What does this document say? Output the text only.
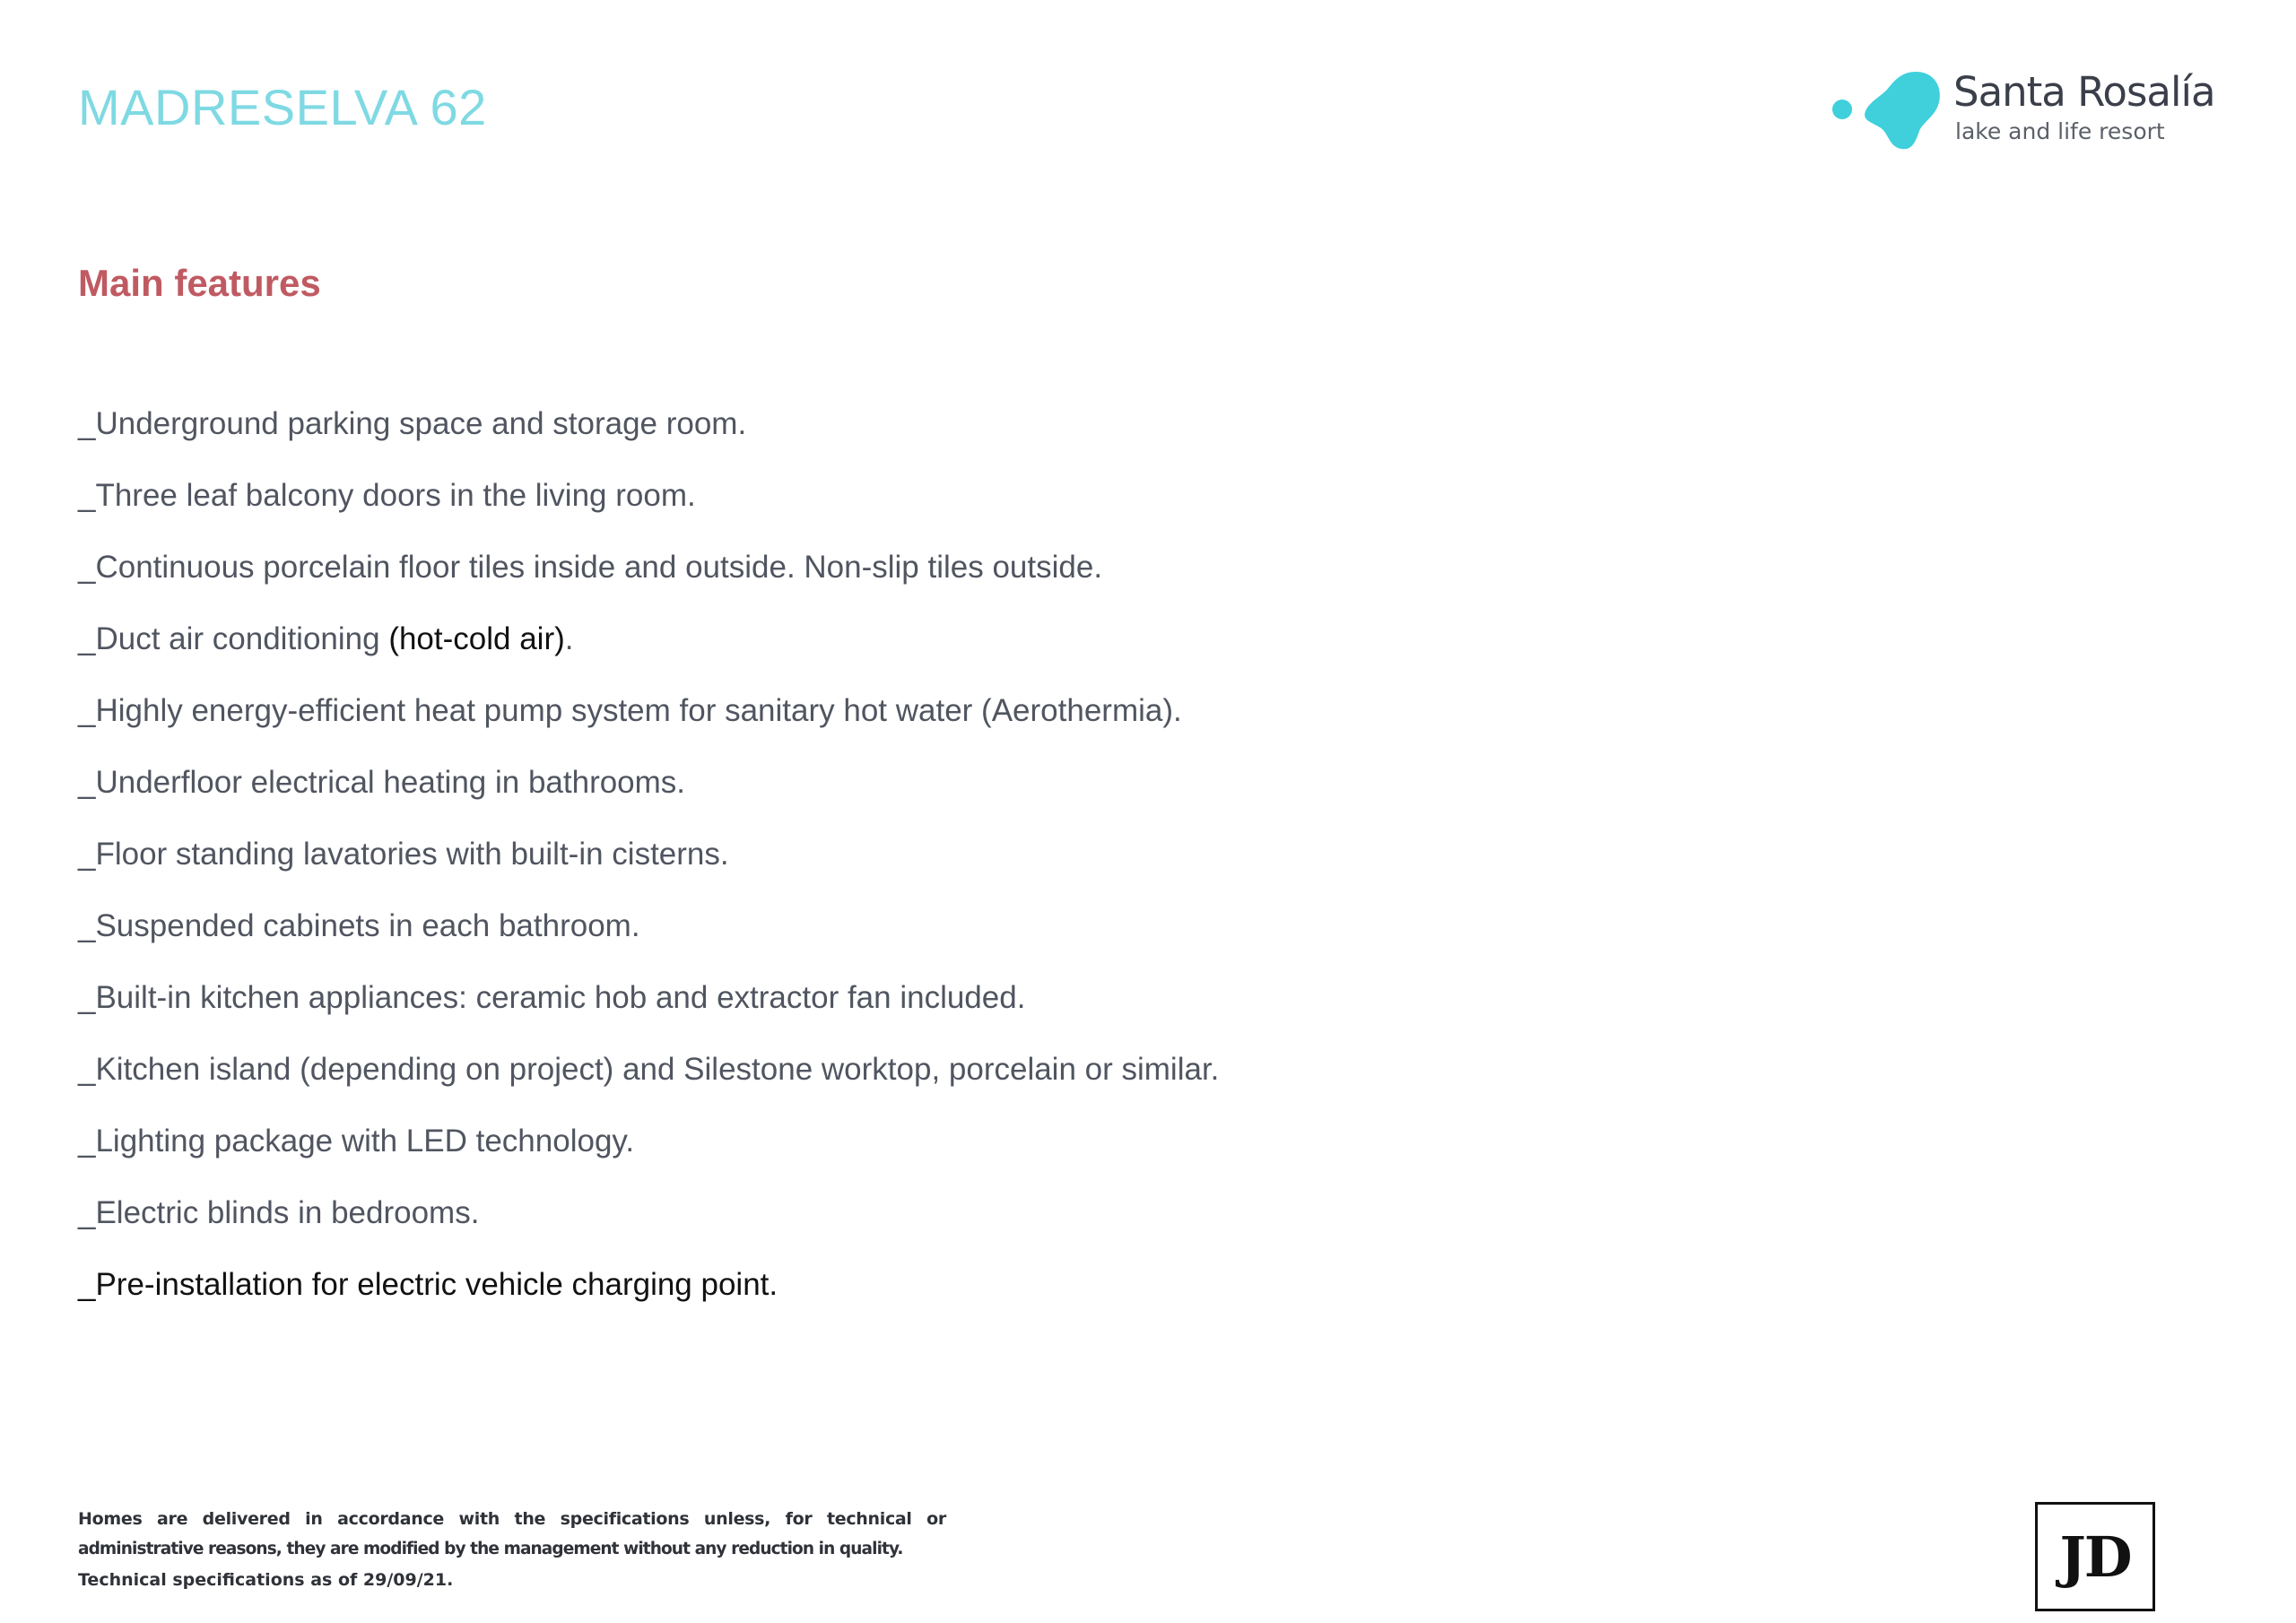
MADRESELVA 62	Santa Rosalía
lake and life resort
Main features
_Underground parking space and storage room.
_Three leaf balcony doors in the living room.
_Continuous porcelain floor tiles inside and outside. Non-slip tiles outside.
_Duct air conditioning (hot-cold air).
_Highly energy-efficient heat pump system for sanitary hot water (Aerothermia).
_Underfloor electrical heating in bathrooms.
_Floor standing lavatories with built-in cisterns.
_Suspended cabinets in each bathroom.
_Built-in kitchen appliances: ceramic hob and extractor fan included.
_Kitchen island (depending on project) and Silestone worktop, porcelain or similar.
_Lighting package with LED technology.
_Electric blinds in bedrooms.
_Pre-installation for electric vehicle charging point.
Homes are delivered in accordance with the specifications unless, for technical or
administrative reasons, they are modified by the management without any reduction in quality.
Technical specifications as of 29/09/21.	JD
